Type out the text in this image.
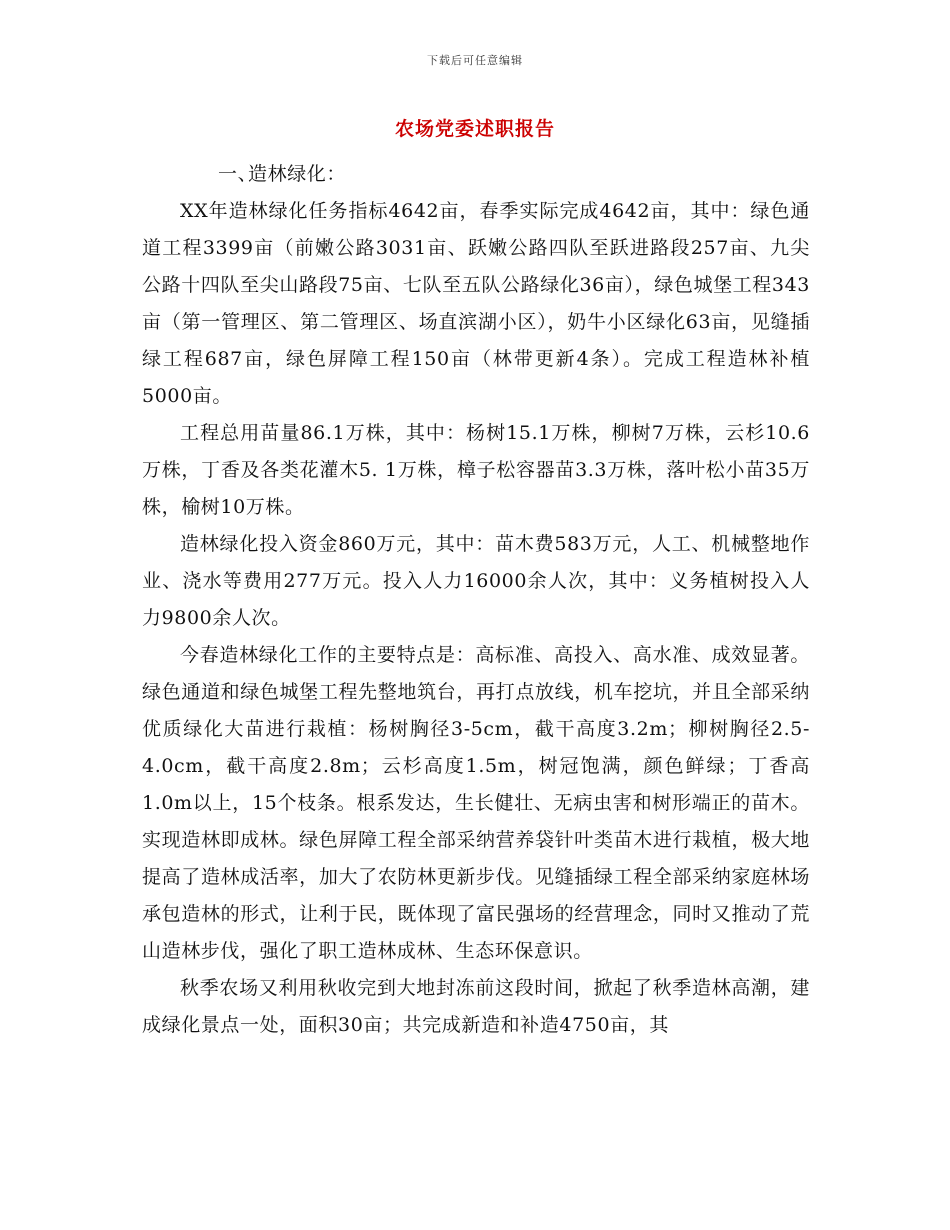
下载后可任意编辑
农场党委述职报告
一、造林绿化：

XX年造林绿化任务指标4642亩，春季实际完成4642亩，其中：绿色通道工程3399亩（前嫩公路3031亩、跃嫩公路四队至跃进路段257亩、九尖公路十四队至尖山路段75亩、七队至五队公路绿化36亩），绿色城堡工程343亩（第一管理区、第二管理区、场直滨湖小区），奶牛小区绿化63亩，见缝插绿工程687亩，绿色屏障工程150亩（林带更新4条）。完成工程造林补植5000亩。

工程总用苗量86.1万株，其中：杨树15.1万株，柳树7万株，云杉10.6万株，丁香及各类花灌木5. 1万株，樟子松容器苗3.3万株，落叶松小苗35万株，榆树10万株。

造林绿化投入资金860万元，其中：苗木费583万元，人工、机械整地作业、浇水等费用277万元。投入人力16000余人次，其中：义务植树投入人力9800余人次。

今春造林绿化工作的主要特点是：高标准、高投入、高水准、成效显著。绿色通道和绿色城堡工程先整地筑台，再打点放线，机车挖坑，并且全部采纳优质绿化大苗进行栽植：杨树胸径3-5cm，截干高度3.2m；柳树胸径2.5-4.0cm，截干高度2.8m；云杉高度1.5m，树冠饱满，颜色鲜绿；丁香高1.0m以上，15个枝条。根系发达，生长健壮、无病虫害和树形端正的苗木。实现造林即成林。绿色屏障工程全部采纳营养袋针叶类苗木进行栽植，极大地提高了造林成活率，加大了农防林更新步伐。见缝插绿工程全部采纳家庭林场承包造林的形式，让利于民，既体现了富民强场的经营理念，同时又推动了荒山造林步伐，强化了职工造林成林、生态环保意识。

秋季农场又利用秋收完到大地封冻前这段时间，掀起了秋季造林高潮，建成绿化景点一处，面积30亩；共完成新造和补造4750亩，其
